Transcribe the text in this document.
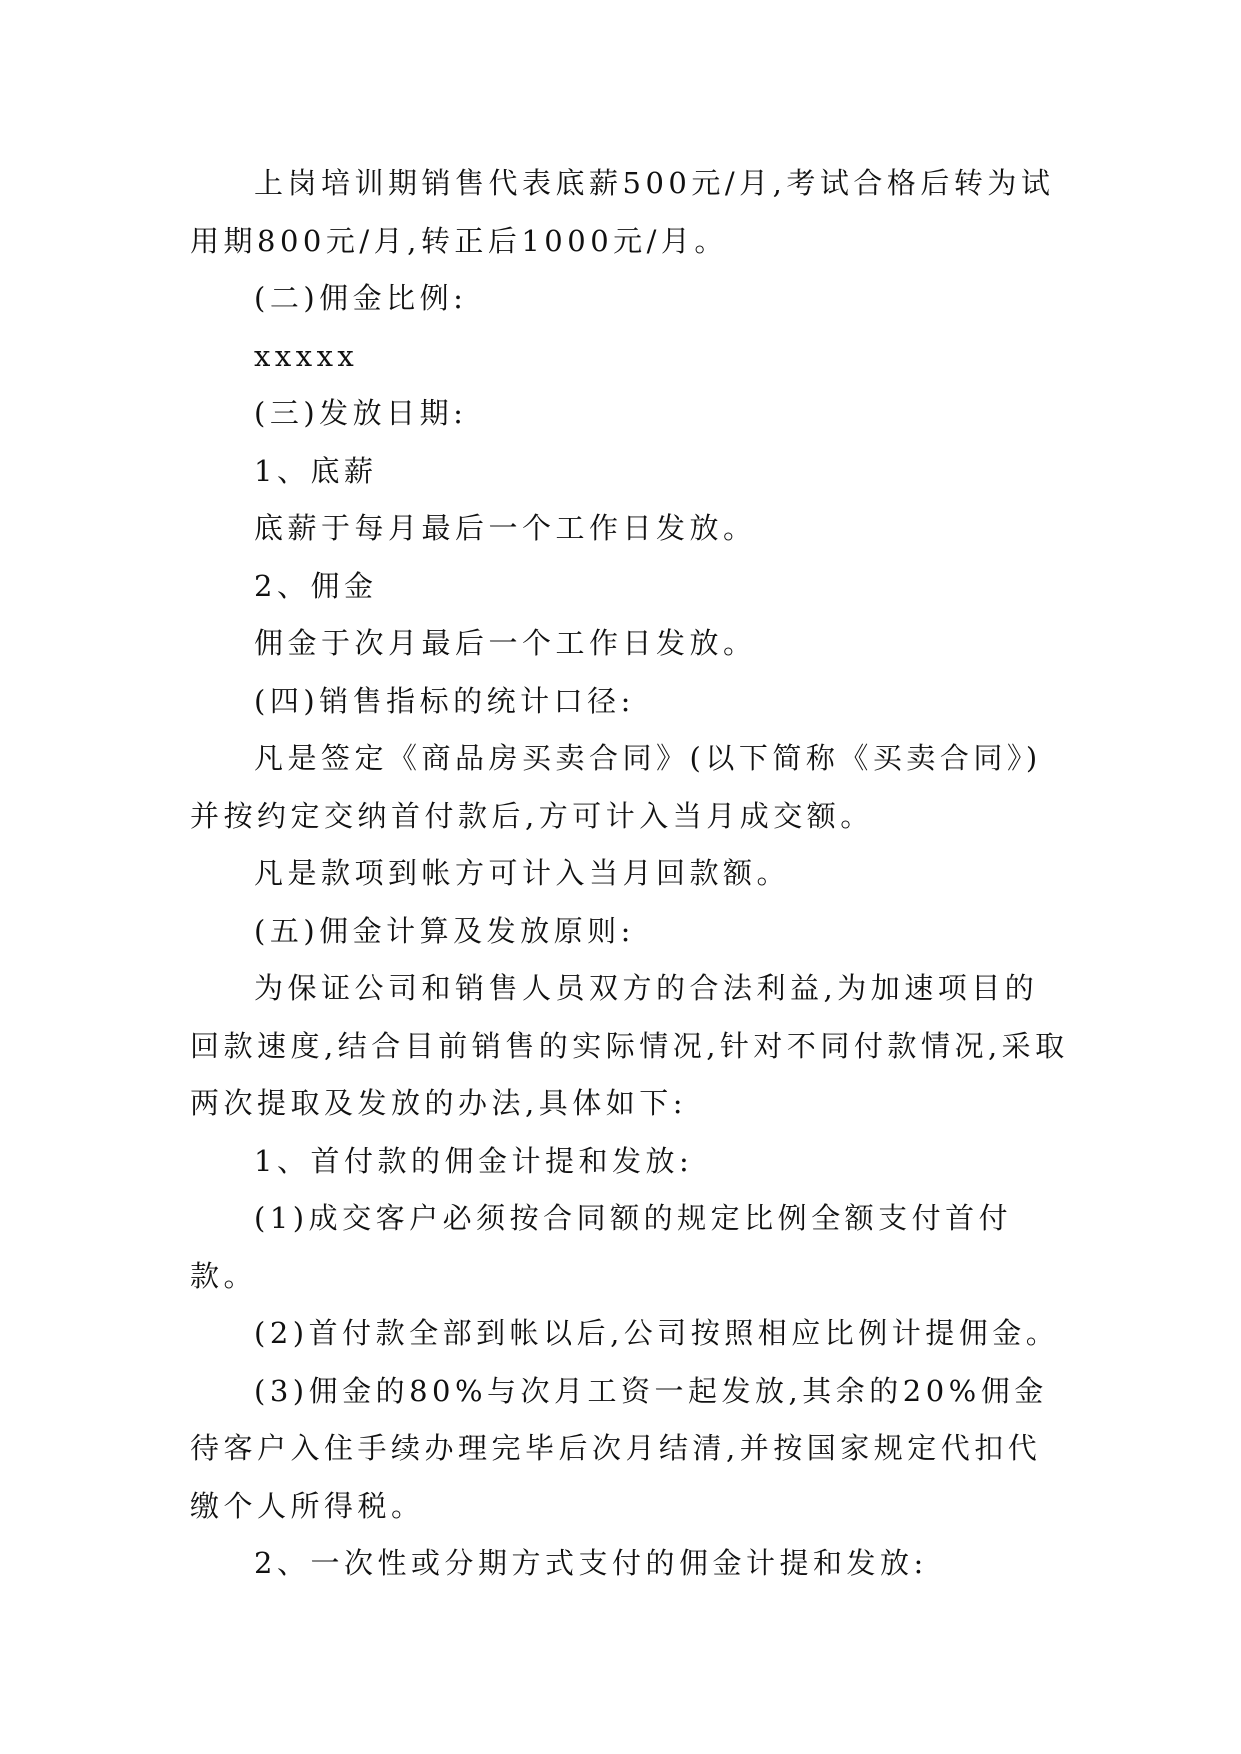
上岗培训期销售代表底薪500元/月,考试合格后转为试用期800元/月,转正后1000元/月。

(二)佣金比例:

xxxxx

(三)发放日期:

1、底薪

底薪于每月最后一个工作日发放。

2、佣金

佣金于次月最后一个工作日发放。

(四)销售指标的统计口径:

凡是签定《商品房买卖合同》(以下简称《买卖合同》)并按约定交纳首付款后,方可计入当月成交额。

凡是款项到帐方可计入当月回款额。

(五)佣金计算及发放原则:

为保证公司和销售人员双方的合法利益,为加速项目的回款速度,结合目前销售的实际情况,针对不同付款情况,采取两次提取及发放的办法,具体如下:

1、首付款的佣金计提和发放:

(1)成交客户必须按合同额的规定比例全额支付首付款。

(2)首付款全部到帐以后,公司按照相应比例计提佣金。

(3)佣金的80%与次月工资一起发放,其余的20%佣金待客户入住手续办理完毕后次月结清,并按国家规定代扣代缴个人所得税。

2、一次性或分期方式支付的佣金计提和发放:
